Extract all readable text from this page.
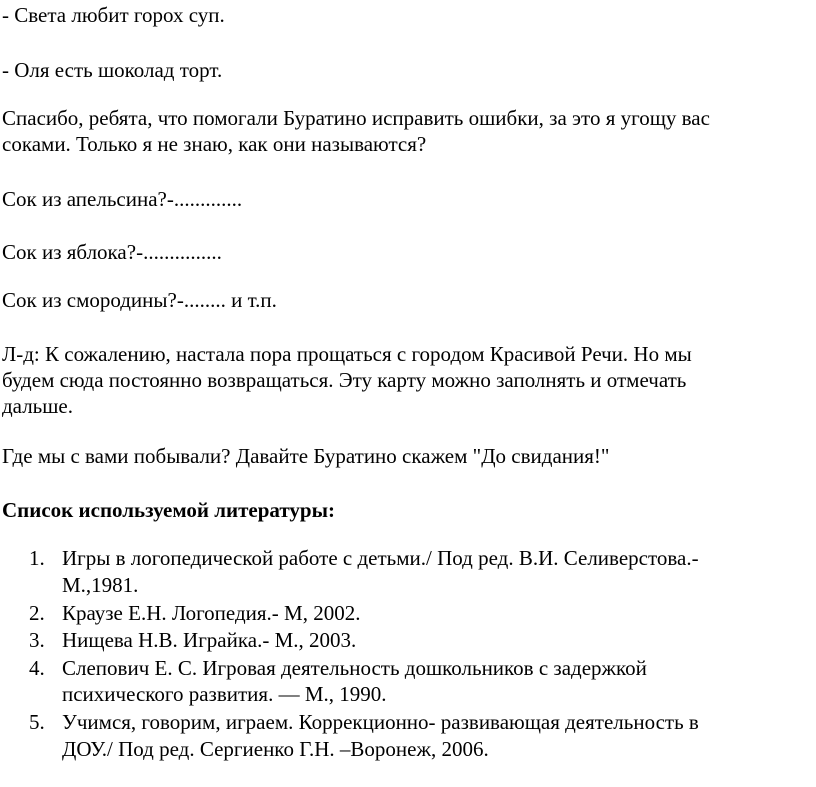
- Света любит горох суп.
- Оля есть шоколад торт.
Спасибо, ребята, что помогали Буратино исправить ошибки, за это я угощу вас
соками. Только я не знаю, как они называются?
Сок из апельсина?-.............
Сок из яблока?-...............
Сок из смородины?-........ и т.п.
Л-д: К сожалению, настала пора прощаться с городом Красивой Речи. Но мы
будем сюда постоянно возвращаться. Эту карту можно заполнять и отмечать
дальше.
Где мы с вами побывали? Давайте Буратино скажем "До свидания!"
Список используемой литературы:
1. Игры в логопедической работе с детьми./ Под ред. В.И. Селиверстова.-
М.,1981.
2. Краузе Е.Н. Логопедия.- М, 2002.
3. Нищева Н.В. Играйка.- М., 2003.
4. Слепович Е. С. Игровая деятельность дошкольников с задержкой
психического развития. — М., 1990.
5. Учимся, говорим, играем. Коррекционно- развивающая деятельность в
ДОУ./ Под ред. Сергиенко Г.Н. –Воронеж, 2006.
